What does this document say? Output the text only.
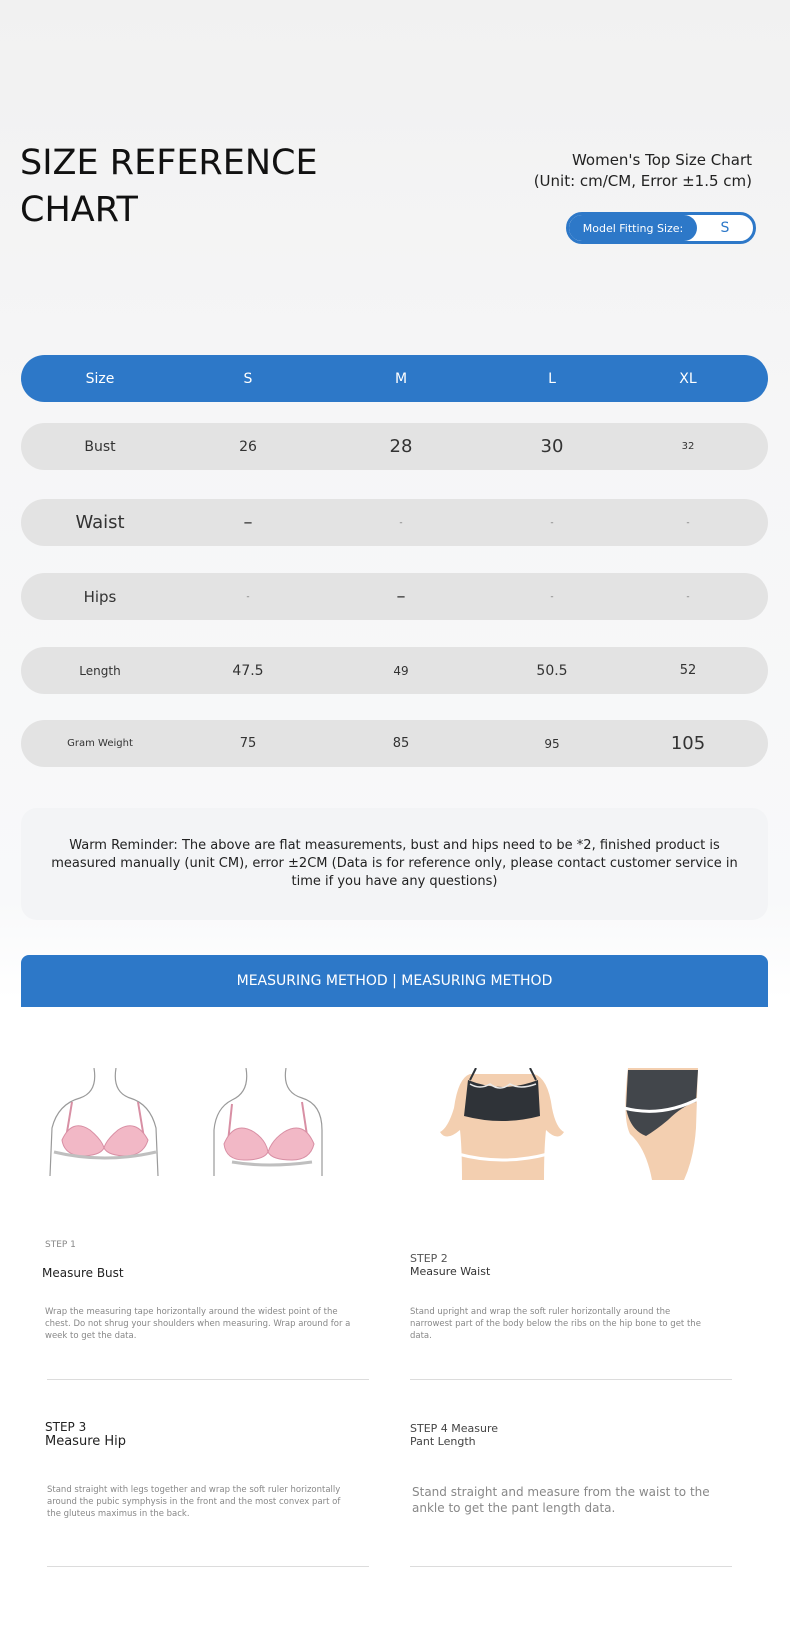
SIZE REFERENCE CHART
Women's Top Size Chart
(Unit: cm/CM, Error ±1.5 cm)
Model Fitting Size:	S
Size	S	M	L	XL
Bust	26	28	30	32
Waist	–	-	-	-
Hips	-	–	-	-
Length	47.5	49	50.5	52
Gram Weight	75	85	95	105
Warm Reminder: The above are flat measurements, bust and hips need to be *2, finished product is measured manually (unit CM), error ±2CM (Data is for reference only, please contact customer service in time if you have any questions)
MEASURING METHOD | MEASURING METHOD
STEP 1
Measure Bust
Wrap the measuring tape horizontally around the widest point of the chest. Do not shrug your shoulders when measuring. Wrap around for a week to get the data.
STEP 2
Measure Waist
Stand upright and wrap the soft ruler horizontally around the narrowest part of the body below the ribs on the hip bone to get the data.
STEP 3
Measure Hip
Stand straight with legs together and wrap the soft ruler horizontally around the pubic symphysis in the front and the most convex part of the gluteus maximus in the back.
STEP 4 Measure
Pant Length
Stand straight and measure from the waist to the ankle to get the pant length data.
